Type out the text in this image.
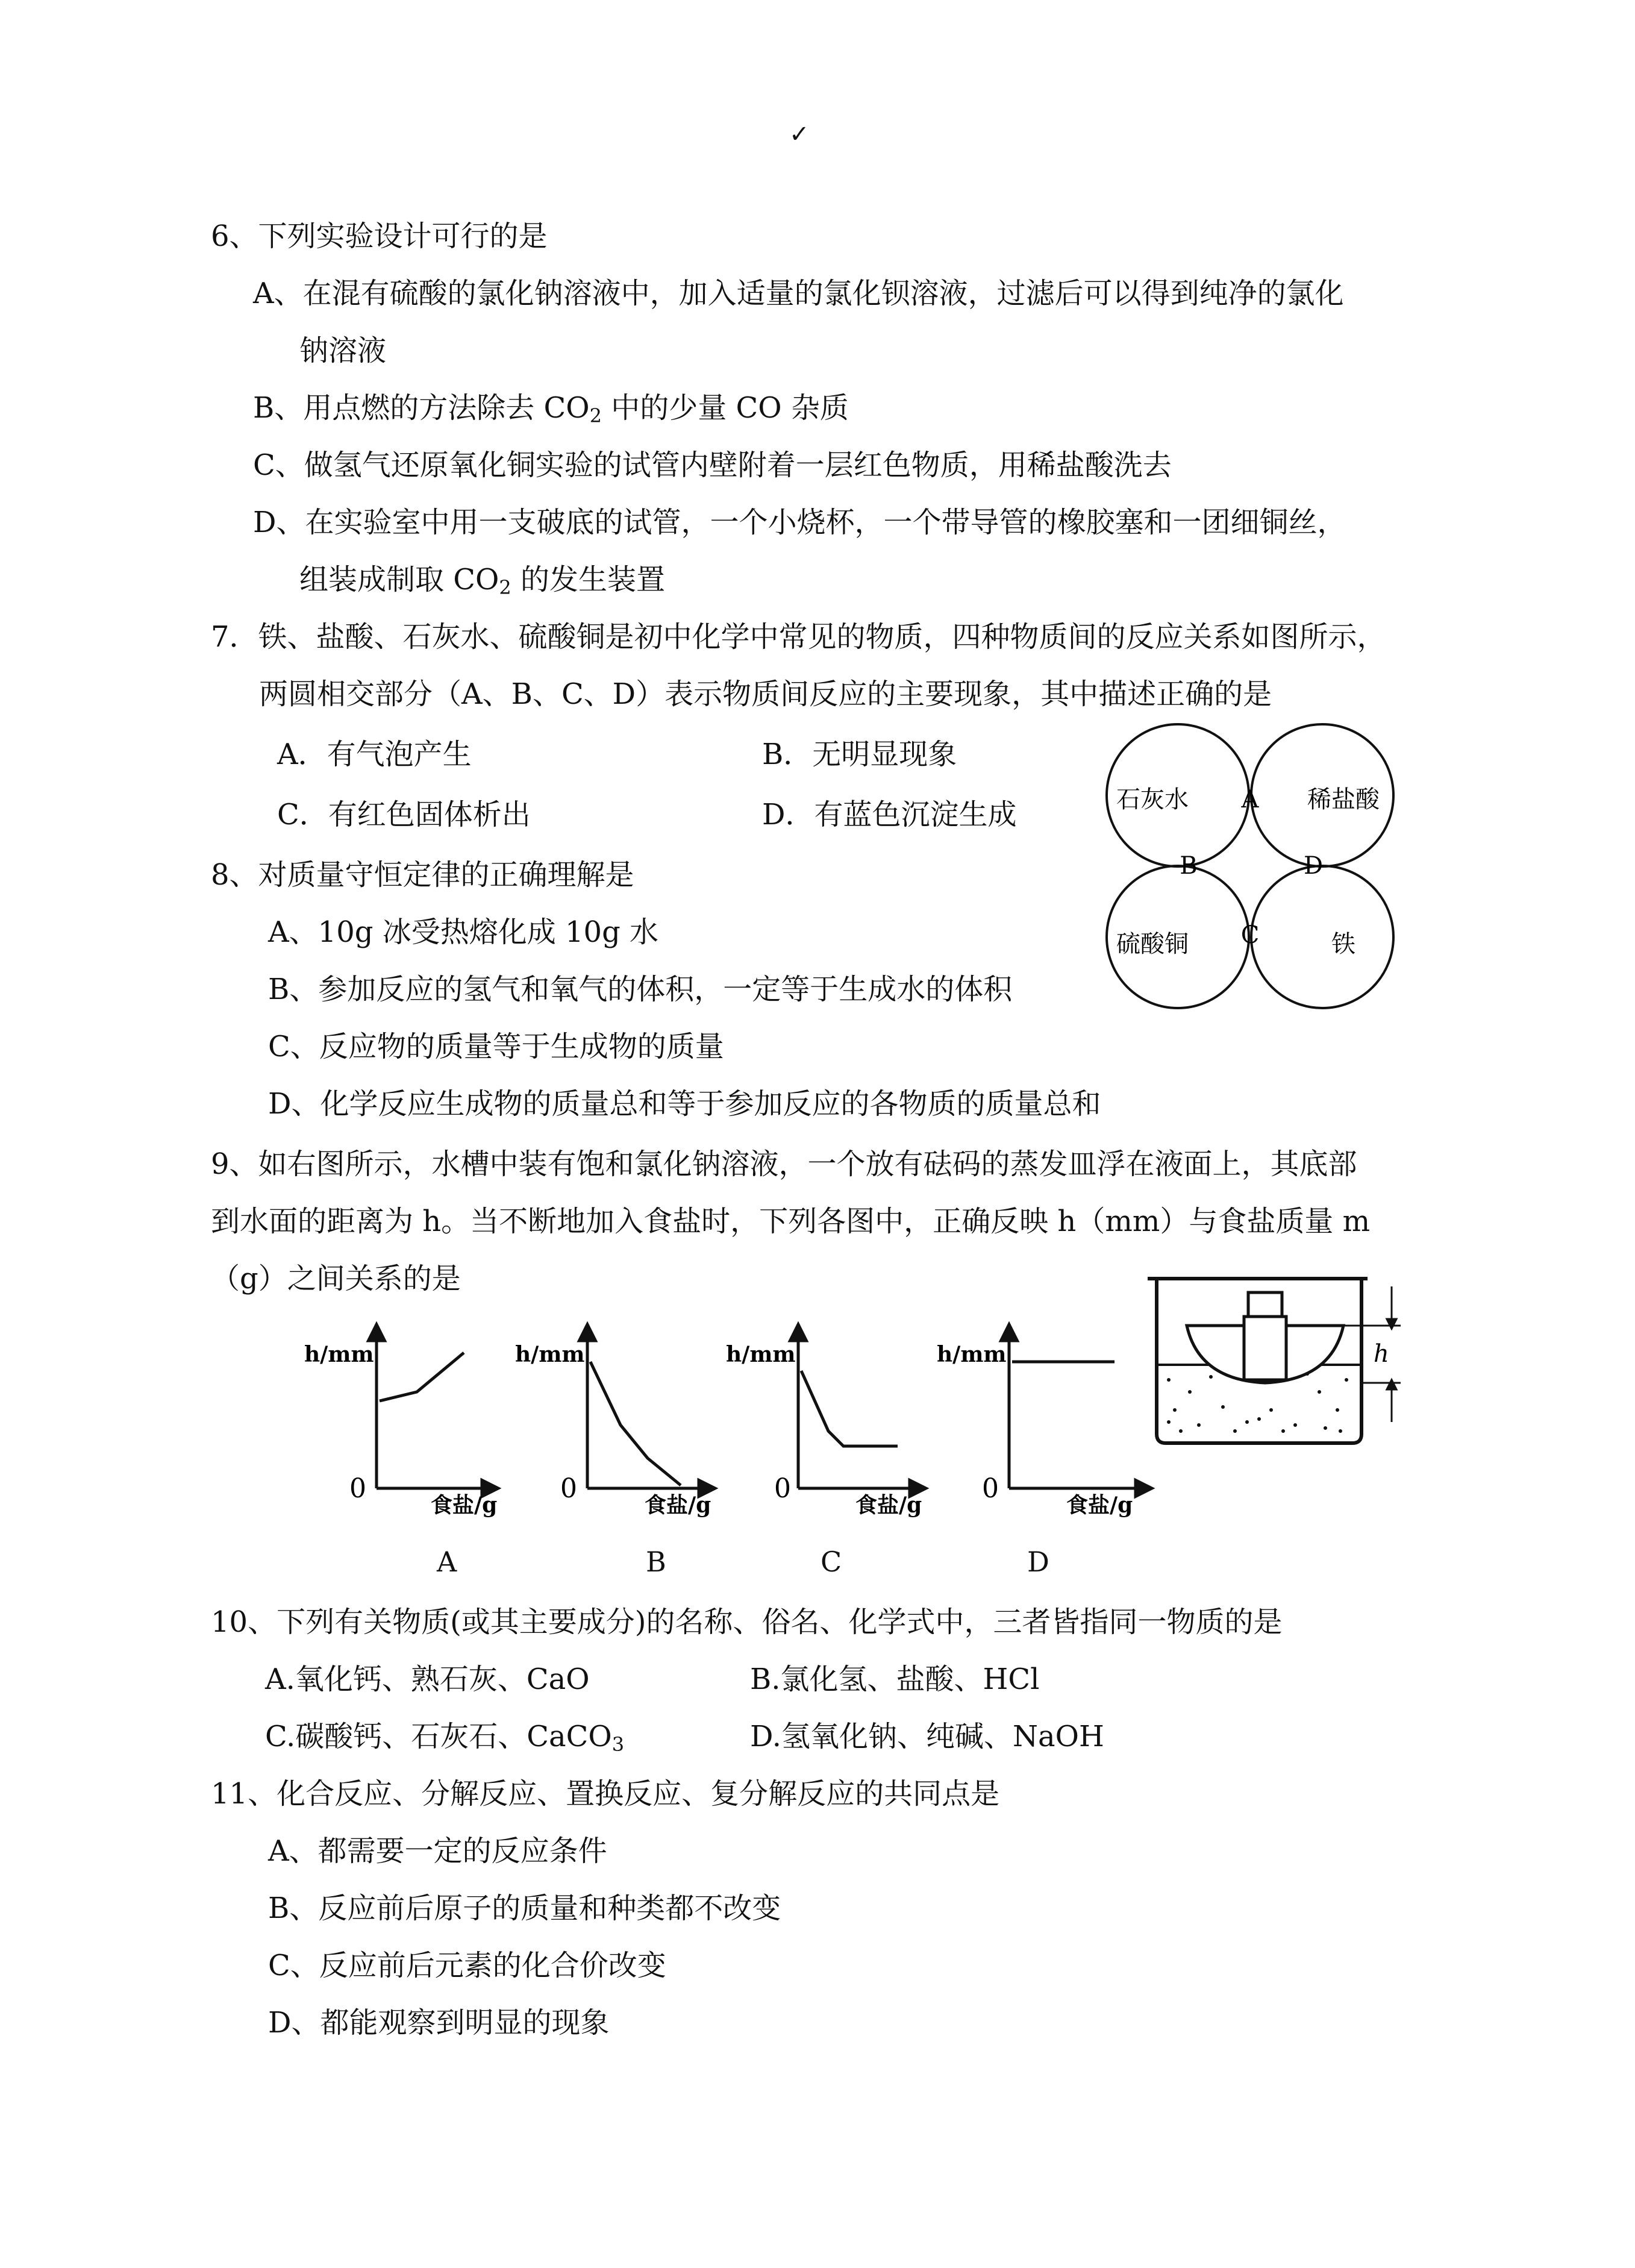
✓
6、下列实验设计可行的是
A、在混有硫酸的氯化钠溶液中，加入适量的氯化钡溶液，过滤后可以得到纯净的氯化
钠溶液
B、用点燃的方法除去 $CO_2$ 中的少量 CO 杂质
C、做氢气还原氧化铜实验的试管内壁附着一层红色物质，用稀盐酸洗去
D、在实验室中用一支破底的试管，一个小烧杯，一个带导管的橡胶塞和一团细铜丝，
组装成制取 $CO_2$ 的发生装置
7．铁、盐酸、石灰水、硫酸铜是初中化学中常见的物质，四种物质间的反应关系如图所示，
两圆相交部分（A、B、C、D）表示物质间反应的主要现象，其中描述正确的是
A．有气泡产生	B．无明显现象
C．有红色固体析出	D．有蓝色沉淀生成	石灰水	稀盐酸
硫酸铜	铁
A
B
C
D
8、对质量守恒定律的正确理解是
A、10g 冰受热熔化成 10g 水
B、参加反应的氢气和氧气的体积，一定等于生成水的体积
C、反应物的质量等于生成物的质量
D、化学反应生成物的质量总和等于参加反应的各物质的质量总和
9、如右图所示，水槽中装有饱和氯化钠溶液，一个放有砝码的蒸发皿浮在液面上，其底部
到水面的距离为 h。当不断地加入食盐时，下列各图中，正确反映 h（mm）与食盐质量 m
（g）之间关系的是
h/mm
0
食盐/g
h/mm
0
食盐/g
h/mm
0
食盐/g
h/mm
0
食盐/g
h
A	B	C	D
10、下列有关物质(或其主要成分)的名称、俗名、化学式中，三者皆指同一物质的是
A.氧化钙、熟石灰、CaO	B.氯化氢、盐酸、HCl
C.碳酸钙、石灰石、CaCO$_3$	D.氢氧化钠、纯碱、NaOH
11、化合反应、分解反应、置换反应、复分解反应的共同点是
A、都需要一定的反应条件
B、反应前后原子的质量和种类都不改变
C、反应前后元素的化合价改变
D、都能观察到明显的现象
